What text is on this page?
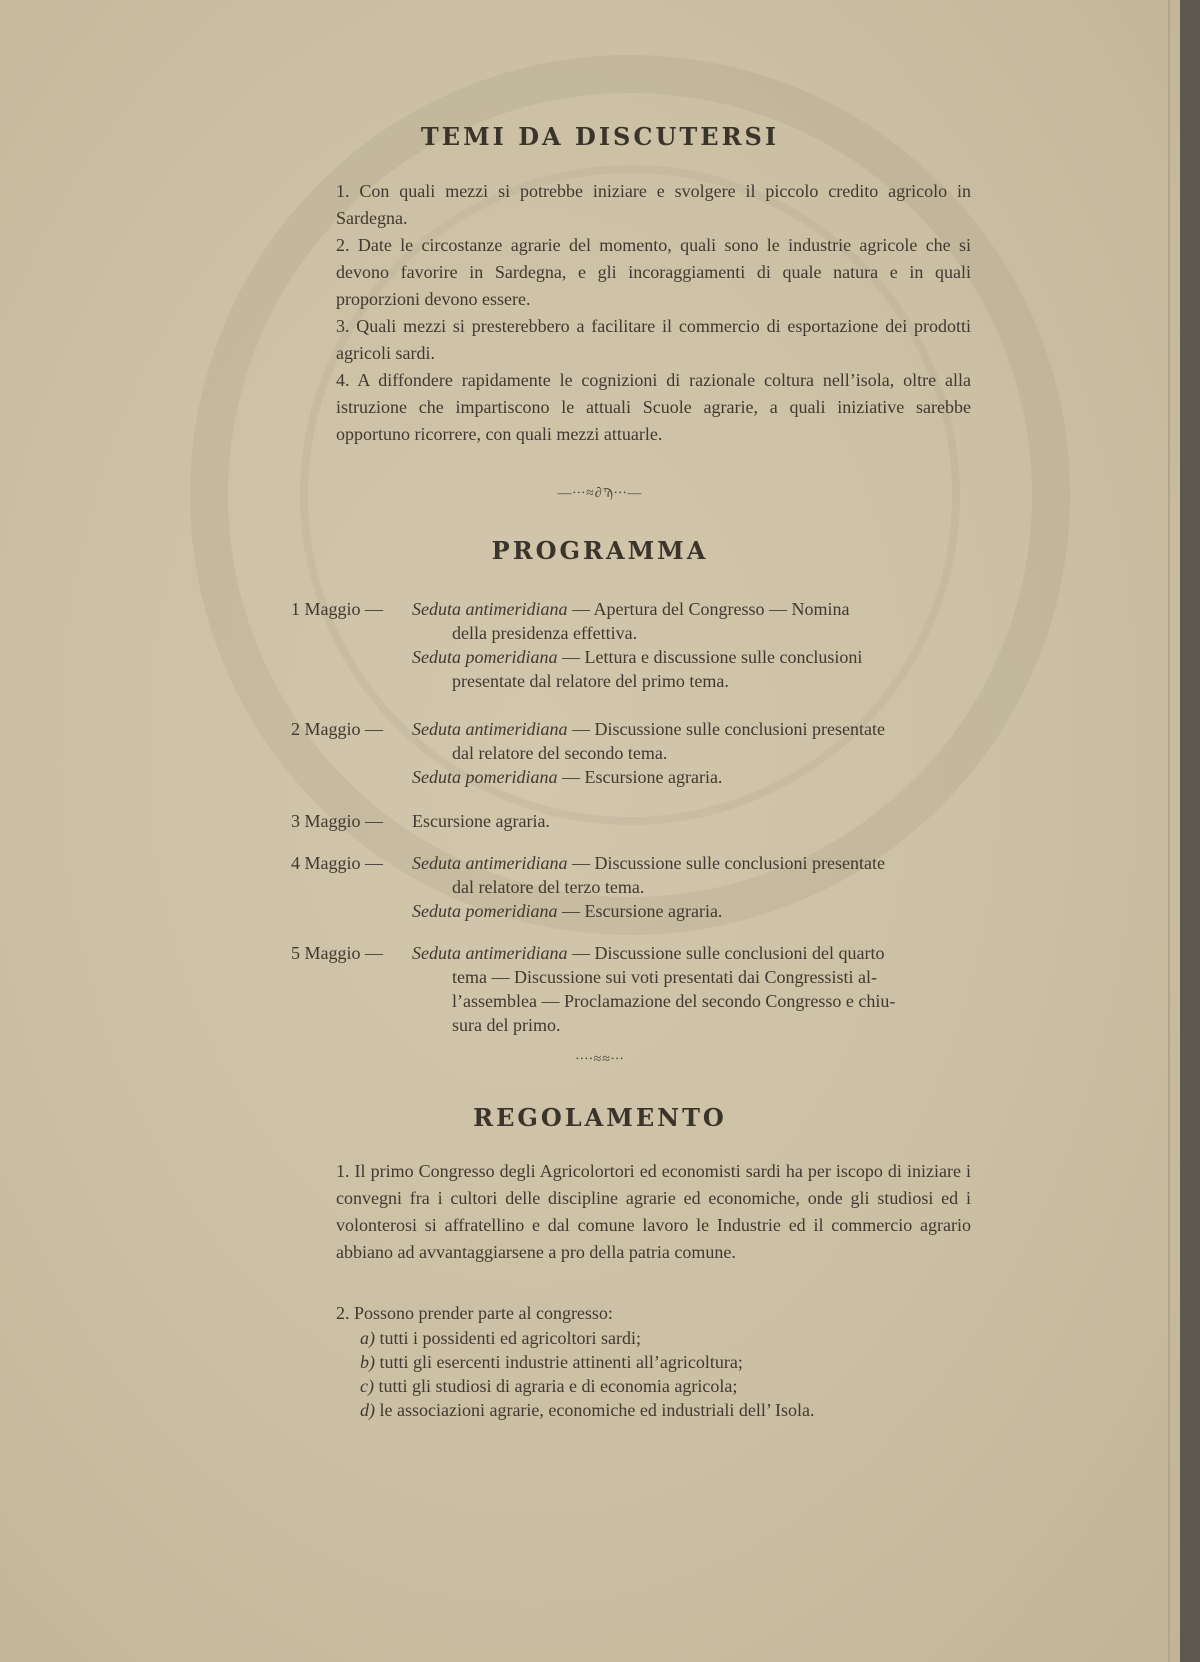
TEMI DA DISCUTERSI
1. Con quali mezzi si potrebbe iniziare e svolgere il piccolo credito agricolo in Sardegna.
2. Date le circostanze agrarie del momento, quali sono le industrie agricole che si devono favorire in Sardegna, e gli incoraggiamenti di quale natura e in quali proporzioni devono essere.
3. Quali mezzi si presterebbero a facilitare il commercio di esportazione dei prodotti agricoli sardi.
4. A diffondere rapidamente le cognizioni di razionale coltura nell’isola, oltre alla istruzione che impartiscono le attuali Scuole agrarie, a quali iniziative sarebbe opportuno ricorrere, con quali mezzi attuarle.
—∙∙∙≈∂Ϡ∙∙∙—
PROGRAMMA
1 Maggio — Seduta antimeridiana — Apertura del Congresso — Nomina
della presidenza effettiva.
Seduta pomeridiana — Lettura e discussione sulle conclusioni
presentate dal relatore del primo tema.
2 Maggio — Seduta antimeridiana — Discussione sulle conclusioni presentate
dal relatore del secondo tema.
Seduta pomeridiana — Escursione agraria.
3 Maggio — Escursione agraria.
4 Maggio — Seduta antimeridiana — Discussione sulle conclusioni presentate
dal relatore del terzo tema.
Seduta pomeridiana — Escursione agraria.
5 Maggio — Seduta antimeridiana — Discussione sulle conclusioni del quarto
tema — Discussione sui voti presentati dai Congressisti al-
l’assemblea — Proclamazione del secondo Congresso e chiu-
sura del primo.
∙∙∙∙≈≈∙∙∙
REGOLAMENTO
1. Il primo Congresso degli Agricolortori ed economisti sardi ha per iscopo di iniziare i convegni fra i cultori delle discipline agrarie ed economiche, onde gli studiosi ed i volonterosi si affratellino e dal comune lavoro le Industrie ed il commercio agrario abbiano ad avvantaggiarsene a pro della patria comune.
2. Possono prender parte al congresso:
a) tutti i possidenti ed agricoltori sardi;
b) tutti gli esercenti industrie attinenti all’agricoltura;
c) tutti gli studiosi di agraria e di economia agricola;
d) le associazioni agrarie, economiche ed industriali dell’ Isola.
